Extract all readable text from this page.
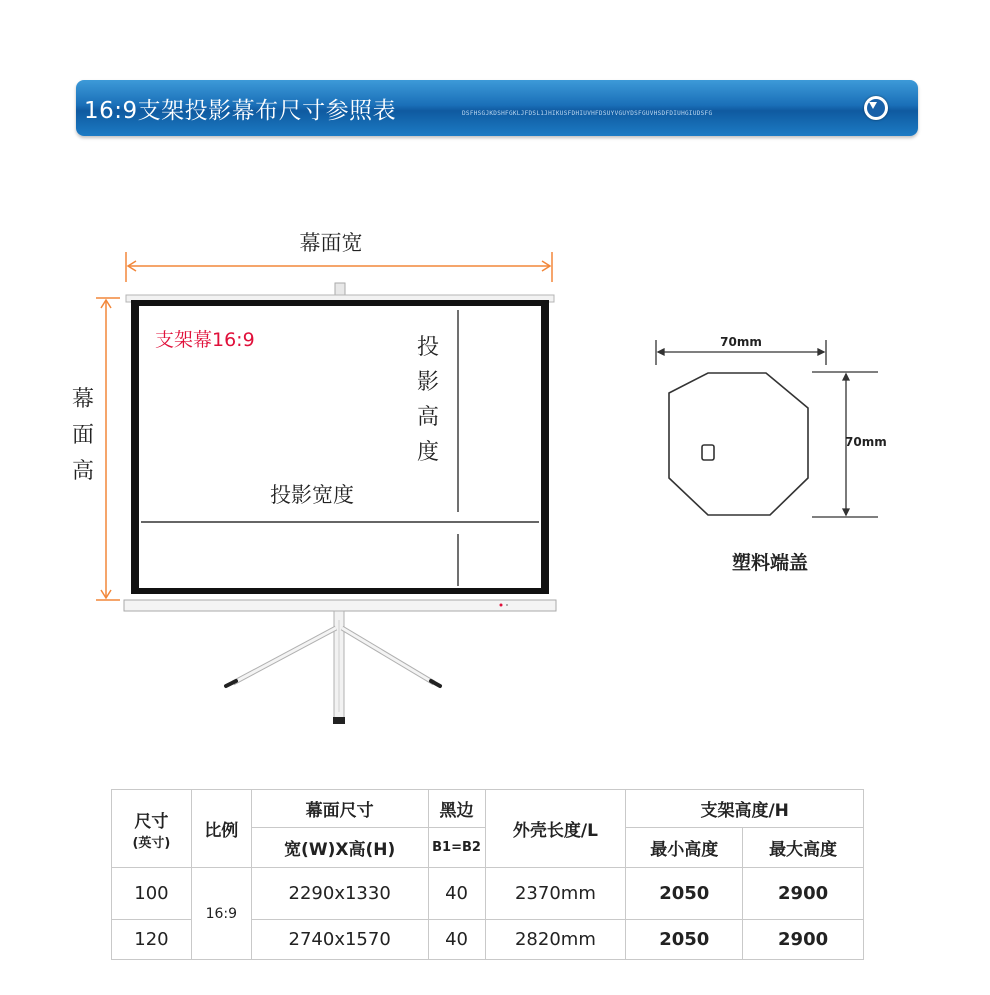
16:9支架投影幕布尺寸参照表	DSFHSGJKDSHFGKLJFDSL1JHIKUSFDHIUVHFDSUYVGUYDSFGUVHSDFDIUHGIUDSFG
幕面宽
幕
面
高
支架幕16:9	投
影
高
度
投影宽度
70mm
70mm
塑料端盖
尺寸
(英寸)	比例	幕面尺寸	黑边	外壳长度/L	支架高度/H	
		宽(W)X高(H)	B1=B2		最小高度	最大高度
100	16:9	2290x1330	40	2370mm	2050	2900
120		2740x1570	40	2820mm	2050	2900
